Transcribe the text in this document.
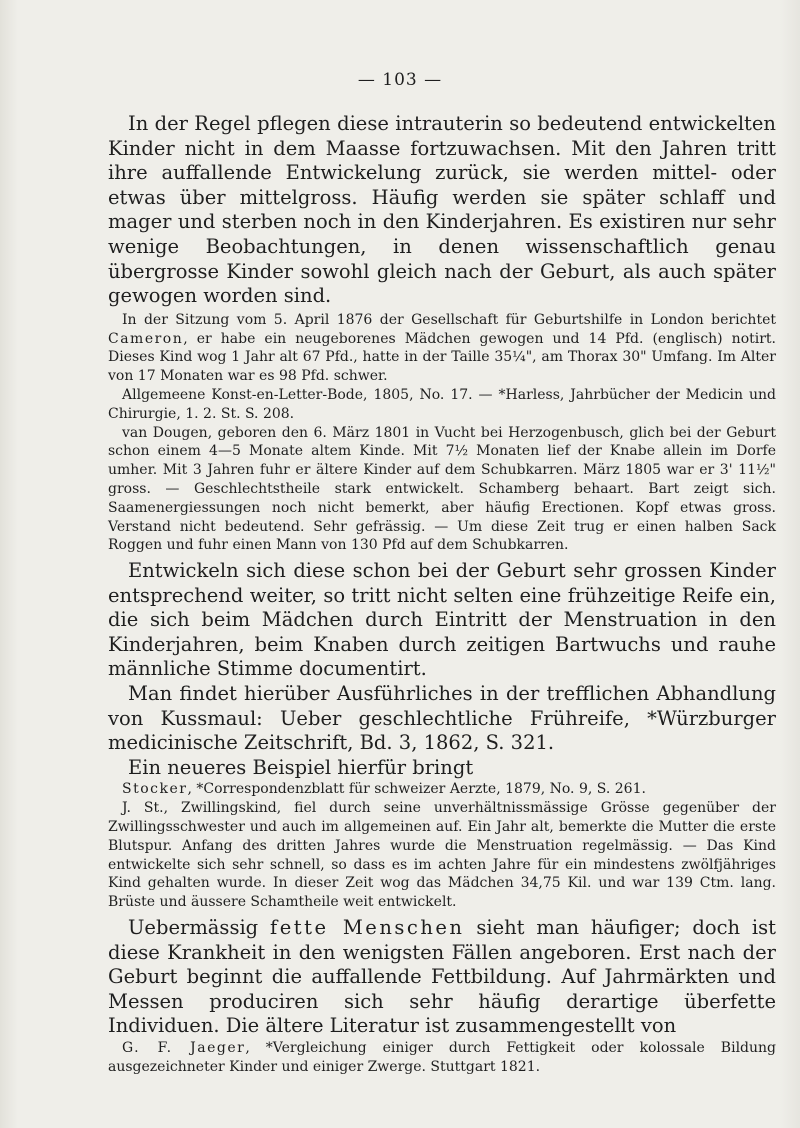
— 103 —

In der Regel pflegen diese intrauterin so bedeutend entwickelten Kinder nicht in dem Maasse fortzuwachsen. Mit den Jahren tritt ihre auffallende Entwickelung zurück, sie werden mittel- oder etwas über mittelgross. Häufig werden sie später schlaff und mager und sterben noch in den Kinderjahren. Es existiren nur sehr wenige Beobachtungen, in denen wissenschaftlich genau übergrosse Kinder sowohl gleich nach der Geburt, als auch später gewogen worden sind.

In der Sitzung vom 5. April 1876 der Gesellschaft für Geburtshilfe in London berichtet Cameron, er habe ein neugeborenes Mädchen gewogen und 14 Pfd. (englisch) notirt. Dieses Kind wog 1 Jahr alt 67 Pfd., hatte in der Taille 35¼", am Thorax 30" Umfang. Im Alter von 17 Monaten war es 98 Pfd. schwer.

Allgemeene Konst-en-Letter-Bode, 1805, No. 17. — *Harless, Jahrbücher der Medicin und Chirurgie, 1. 2. St. S. 208.

van Dougen, geboren den 6. März 1801 in Vucht bei Herzogenbusch, glich bei der Geburt schon einem 4—5 Monate altem Kinde. Mit 7½ Monaten lief der Knabe allein im Dorfe umher. Mit 3 Jahren fuhr er ältere Kinder auf dem Schubkarren. März 1805 war er 3' 11½" gross. — Geschlechtstheile stark entwickelt. Schamberg behaart. Bart zeigt sich. Saamenergiessungen noch nicht bemerkt, aber häufig Erectionen. Kopf etwas gross. Verstand nicht bedeutend. Sehr gefrässig. — Um diese Zeit trug er einen halben Sack Roggen und fuhr einen Mann von 130 Pfd auf dem Schubkarren.

Entwickeln sich diese schon bei der Geburt sehr grossen Kinder entsprechend weiter, so tritt nicht selten eine frühzeitige Reife ein, die sich beim Mädchen durch Eintritt der Menstruation in den Kinderjahren, beim Knaben durch zeitigen Bartwuchs und rauhe männliche Stimme documentirt.

Man findet hierüber Ausführliches in der trefflichen Abhandlung von Kussmaul: Ueber geschlechtliche Frühreife, *Würzburger medicinische Zeitschrift, Bd. 3, 1862, S. 321.

Ein neueres Beispiel hierfür bringt

Stocker, *Correspondenzblatt für schweizer Aerzte, 1879, No. 9, S. 261.

J. St., Zwillingskind, fiel durch seine unverhältnissmässige Grösse gegenüber der Zwillingsschwester und auch im allgemeinen auf. Ein Jahr alt, bemerkte die Mutter die erste Blutspur. Anfang des dritten Jahres wurde die Menstruation regelmässig. — Das Kind entwickelte sich sehr schnell, so dass es im achten Jahre für ein mindestens zwölfjähriges Kind gehalten wurde. In dieser Zeit wog das Mädchen 34,75 Kil. und war 139 Ctm. lang. Brüste und äussere Schamtheile weit entwickelt.

Uebermässig fette Menschen sieht man häufiger; doch ist diese Krankheit in den wenigsten Fällen angeboren. Erst nach der Geburt beginnt die auffallende Fettbildung. Auf Jahrmärkten und Messen produciren sich sehr häufig derartige überfette Individuen. Die ältere Literatur ist zusammengestellt von

G. F. Jaeger, *Vergleichung einiger durch Fettigkeit oder kolossale Bildung ausgezeichneter Kinder und einiger Zwerge. Stuttgart 1821.
